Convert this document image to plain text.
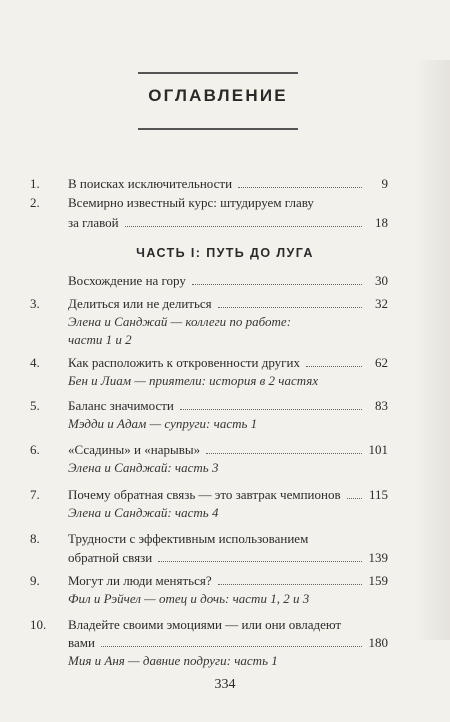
ОГЛАВЛЕНИЕ
1.	В поисках исключительности	9
2.	Всемирно известный курс: штудируем главу
за главой	18
ЧАСТЬ I: ПУТЬ ДО ЛУГА
Восхождение на гору	30
3.	Делиться или не делиться	32
Элена и Санджай — коллеги по работе:
части 1 и 2
4.	Как расположить к откровенности других	62
Бен и Лиам — приятели: история в 2 частях
5.	Баланс значимости	83
Мэдди и Адам — супруги: часть 1
6.	«Ссадины» и «нарывы»	101
Элена и Санджай: часть 3
7.	Почему обратная связь — это завтрак чемпионов 115
Элена и Санджай: часть 4
8.	Трудности с эффективным использованием
обратной связи	139
9.	Могут ли люди меняться?	159
Фил и Рэйчел — отец и дочь: части 1, 2 и 3
10.	Владейте своими эмоциями — или они овладеют
вами	180
Мия и Аня — давние подруги: часть 1
334
